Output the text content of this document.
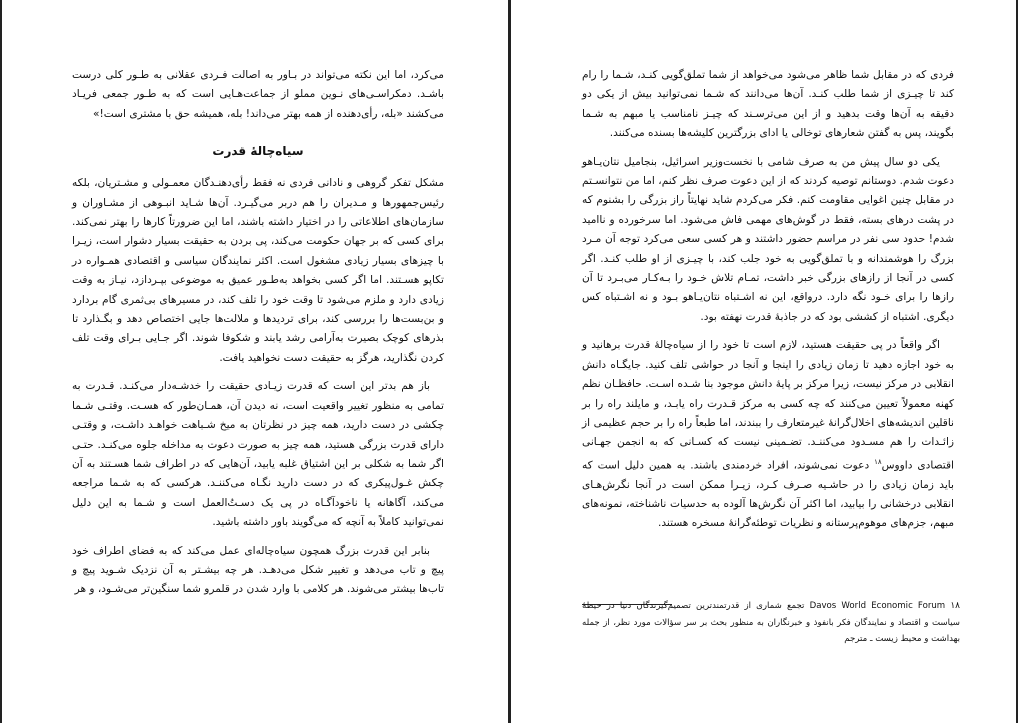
می‌کرد، اما این نکته می‌تواند در بـاور به اصالت فـردی عقلانی به طـور کلی درست باشـد. دمکراسـی‌های نـوین مملو از جماعت‌هـایی است که به طـور جمعی فریـاد می‌کشند «بله، رأی‌دهنده از همه بهتر می‌داند! بله، همیشه حق با مشتری است!»

سیاه‌چالهٔ قدرت

مشکل تفکر گروهی و نادانی فردی نه فقط رأی‌دهنـدگان معمـولی و مشـتریان، بلکه رئیس‌جمهورها و مـدیران را هم دربر می‌گیـرد. آن‌ها شـاید انبـوهی از مشـاوران و سازمان‌های اطلاعاتی را در اختیار داشته باشند، اما این ضرورتاً کارها را بهتر نمی‌کند. برای کسی که بر جهان حکومت می‌کند، پی بردن به حقیقت بسیار دشوار است، زیـرا با چیزهای بسیار زیادی مشغول است. اکثر نمایندگان سیاسی و اقتصادی همـواره در تکاپو هسـتند. اما اگر کسی بخواهد به‌طـور عمیق به موضوعی بپـردازد، نیـاز به وقت زیادی دارد و ملزم می‌شود تا وقت خود را تلف کند، در مسیرهای بی‌ثمری گام بردارد و بن‌بست‌ها را بررسی کند، برای تردیدها و ملالت‌ها جایی اختصاص دهد و بگـذارد تا بذرهای کوچک بصیرت به‌آرامی رشد یابند و شکوفا شوند. اگر جـایی بـرای وقت تلف کردن نگذارید، هرگز به حقیقت دست نخواهید یافت.

باز هم بدتر این است که قدرت زیـادی حقیقت را خدشـه‌دار می‌کنـد. قـدرت به تمامی به منظور تغییر واقعیت است، نه دیدن آن، همـان‌طور که هسـت. وقتـی شـما چکشی در دست دارید، همه چیز در نظرتان به میخ شـباهت خواهـد داشـت، و وقتـی دارای قدرت بزرگی هستید، همه چیز به صورت دعوت به مداخله جلوه می‌کنـد. حتـی اگر شما به شکلی بر این اشتیاق غلبه یابید، آن‌هایی که در اطراف شما هسـتند به آن چکش غـول‌پیکری که در دست دارید نگـاه می‌کننـد. هرکسی که به شـما مراجعه می‌کند، آگاهانه یا ناخودآگـاه در پی یک دسـتُ‌العمل است و شـما به این دلیل نمی‌توانید کاملاً به آنچه که می‌گویند باور داشته باشید.

بنابر این قدرت بزرگ همچون سیاه‌چاله‌ای عمل می‌کند که به فضای اطراف خود پیچ و تاب می‌دهد و تغییر شکل می‌دهـد. هر چه بیشـتر به آن نزدیک شـوید پیچ و تاب‌ها بیشتر می‌شوند. هر کلامی با وارد شدن در قلمرو شما سنگین‌تر می‌شـود، و هر

فردی که در مقابل شما ظاهر می‌شود می‌خواهد از شما تملق‌گویی کنـد، شـما را رام کند تا چیـزی از شما طلب کنـد. آن‌ها می‌دانند که شـما نمی‌توانید بیش از یکی دو دقیقه به آن‌ها وقت بدهید و از این می‌ترسـند که چیـز نامناسب یا مبهم به شـما بگویند، پس به گفتن شعارهای توخالی یا ادای بزرگترین کلیشه‌ها بسنده می‌کنند.

یکی دو سال پیش من به صرف شامی با نخست‌وزیر اسرائیل، بنجامیل نتان‌یـاهو دعوت شدم. دوستانم توصیه کردند که از این دعوت صرف نظر کنم، اما من نتوانسـتم در مقابل چنین اغوایی مقاومت کنم. فکر می‌کردم شاید نهایتاً راز بزرگی را بشنوم که در پشت درهای بسته، فقط در گوش‌های مهمی فاش می‌شود. اما سرخورده و ناامید شدم! حدود سی نفر در مراسم حضور داشتند و هر کسی سعی می‌کرد توجه آن مـرد بزرگ را هوشمندانه و با تملق‌گویی به خود جلب کند، با چیـزی از او طلب کنـد. اگر کسی در آنجا از رازهای بزرگی خبر داشت، تمـام تلاش خـود را بـه‌کـار می‌بـرد تا آن رازها را برای خـود نگه دارد. درواقع، این نه اشـتباه نتان‌یـاهو بـود و نه اشـتباه کس دیگری. اشتباه از کششی بود که در جاذبهٔ قدرت نهفته بود.

اگر واقعاً در پی حقیقت هستید، لازم است تا خود را از سیاه‌چالهٔ قدرت برهانید و به خود اجازه دهید تا زمان زیادی را اینجا و آنجا در حواشی تلف کنید. جایگـاه دانش انقلابی در مرکز نیست، زیرا مرکز بر پایهٔ دانش موجود بنا شـده اسـت. حافظـان نظم کهنه معمولاً تعیین می‌کنند که چه کسی به مرکز قـدرت راه یابـد، و مایلند راه را بر ناقلین اندیشه‌های اخلال‌گرانهٔ غیرمتعارف را ببندند، اما طبعاً راه را بر حجم عظیمی از زائـدات را هم مسـدود می‌کننـد. تضـمینی نیست که کسـانی که به انجمن جهـانی اقتصادی داووس$^{۱۸}$ دعوت نمی‌شوند، افراد خردمندی باشند. به همین دلیل است که باید زمان زیادی را در حاشـیه صـرف کـرد، زیـرا ممکن است در آنجا نگرش‌هـای انقلابی درخشانی را بیابید، اما اکثر آن نگرش‌ها آلوده به حدسیات ناشناخته، نمونه‌های مبهم، جزم‌های موهوم‌پرستانه و نظریات توطئه‌گرانهٔ مسخره هستند.

۱۸ Davos World Economic Forum تجمع شماری از قدرتمندترین تصمیم‌گیرندگان دنیا در حیطهٔ سیاست و اقتصاد و نمایندگان فکر بانفوذ و خبرنگاران به منظور بحث بر سر سؤالات مورد نظر، از جمله بهداشت و محیط زیست ـ مترجم
